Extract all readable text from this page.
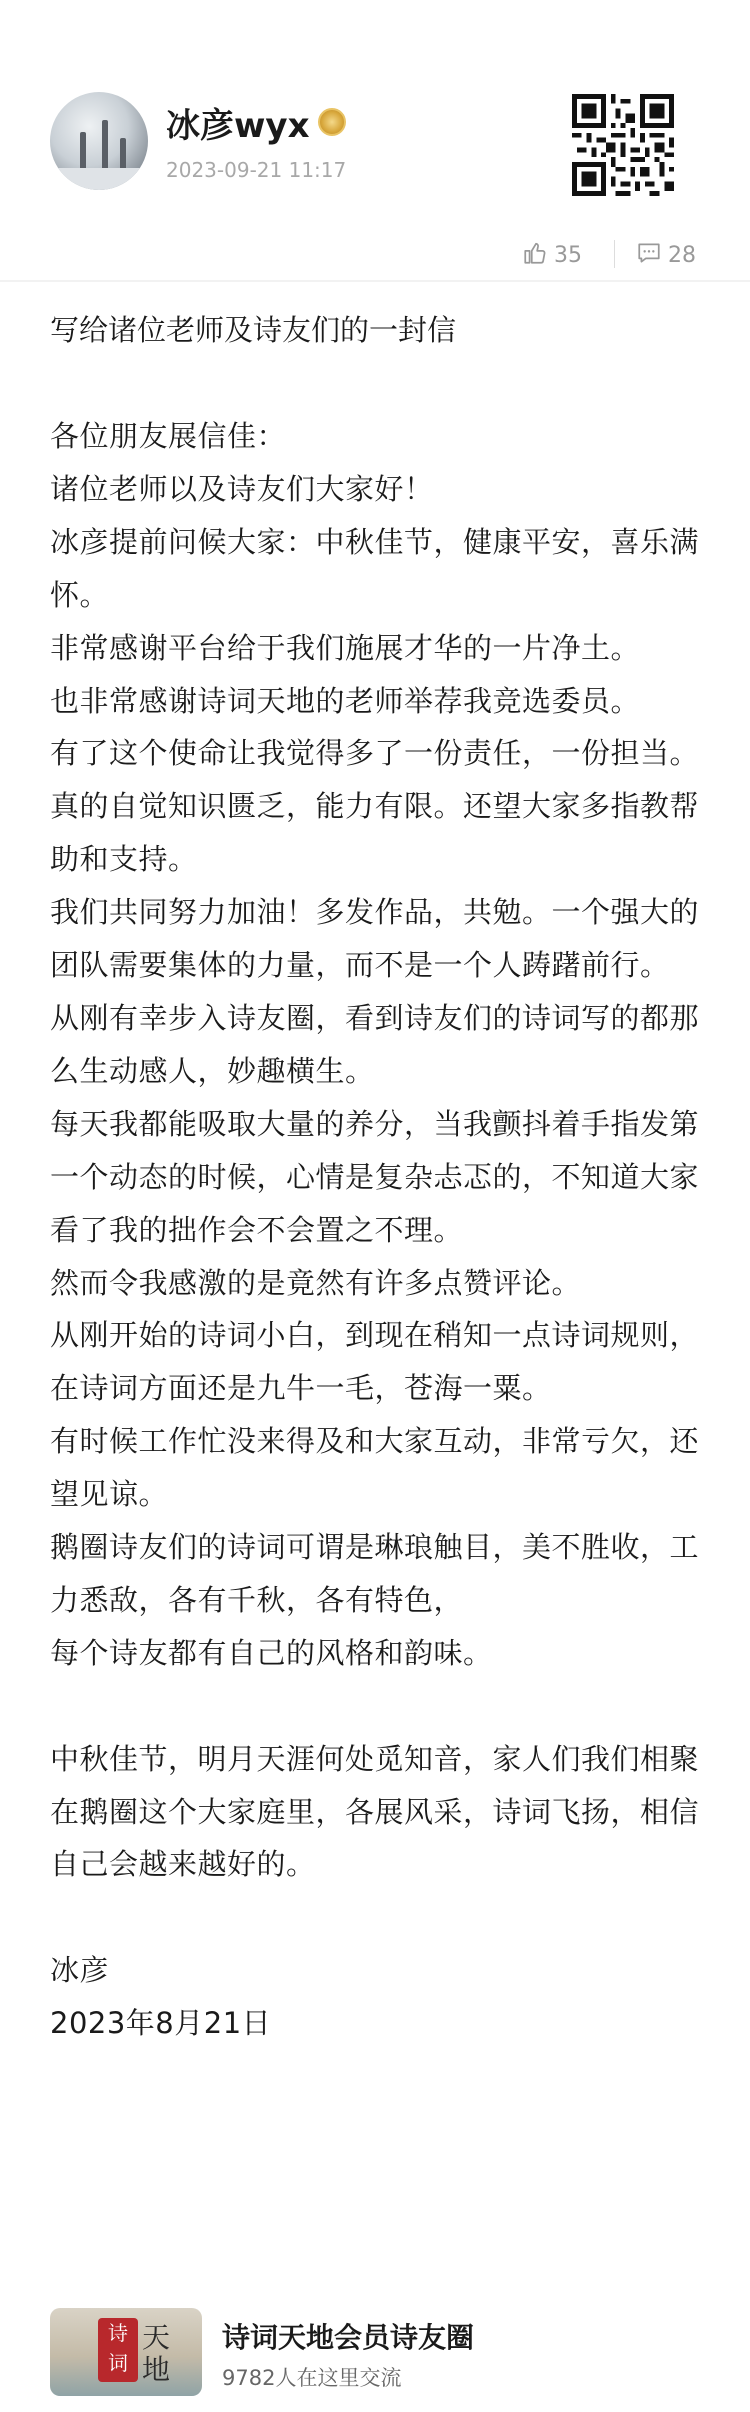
冰彦wyx
2023-09-21 11:17
35	28
写给诸位老师及诗友们的一封信

各位朋友展信佳：

诸位老师以及诗友们大家好！

冰彦提前问候大家：中秋佳节，健康平安，喜乐满怀。

非常感谢平台给于我们施展才华的一片净土。

也非常感谢诗词天地的老师举荐我竞选委员。

有了这个使命让我觉得多了一份责任，一份担当。真的自觉知识匮乏，能力有限。还望大家多指教帮助和支持。

我们共同努力加油！多发作品，共勉。一个强大的团队需要集体的力量，而不是一个人踌躇前行。

从刚有幸步入诗友圈，看到诗友们的诗词写的都那么生动感人，妙趣横生。

每天我都能吸取大量的养分，当我颤抖着手指发第一个动态的时候，心情是复杂忐忑的，不知道大家看了我的拙作会不会置之不理。

然而令我感激的是竟然有许多点赞评论。

从刚开始的诗词小白，到现在稍知一点诗词规则，在诗词方面还是九牛一毛，苍海一粟。

有时候工作忙没来得及和大家互动，非常亏欠，还望见谅。

鹅圈诗友们的诗词可谓是琳琅触目，美不胜收，工力悉敌，各有千秋，各有特色，

每个诗友都有自己的风格和韵味。

中秋佳节，明月天涯何处觅知音，家人们我们相聚在鹅圈这个大家庭里，各展风采，诗词飞扬，相信自己会越来越好的。

冰彦

2023年8月21日

诗
词
天
地
诗词天地会员诗友圈
9782人在这里交流
